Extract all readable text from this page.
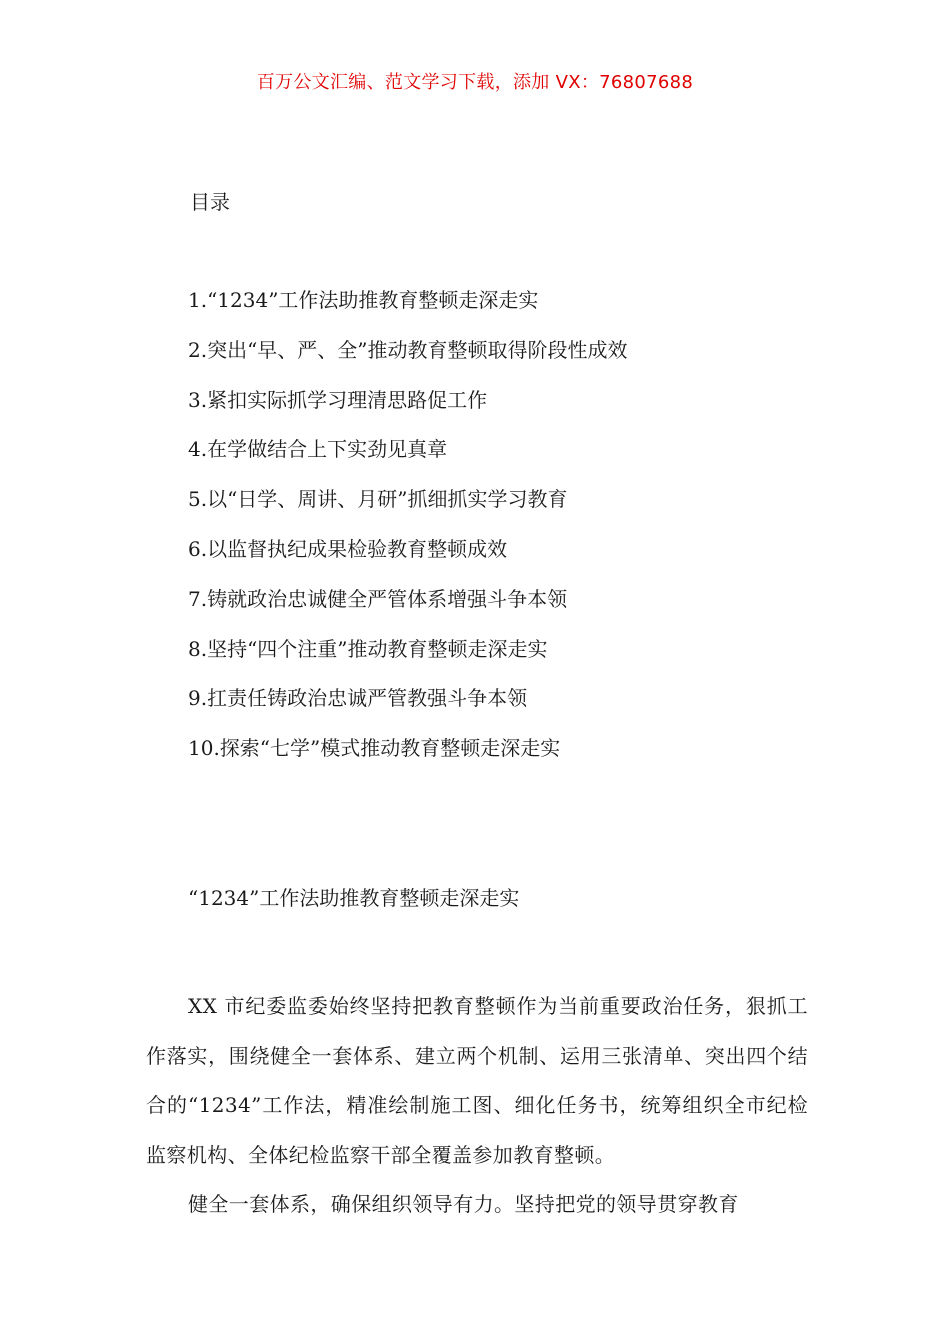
百万公文汇编、范文学习下载，添加 VX：76807688
目录
1.“1234”工作法助推教育整顿走深走实
2.突出“早、严、全”推动教育整顿取得阶段性成效
3.紧扣实际抓学习理清思路促工作
4.在学做结合上下实劲见真章
5.以“日学、周讲、月研”抓细抓实学习教育
6.以监督执纪成果检验教育整顿成效
7.铸就政治忠诚健全严管体系增强斗争本领
8.坚持“四个注重”推动教育整顿走深走实
9.扛责任铸政治忠诚严管教强斗争本领
10.探索“七学”模式推动教育整顿走深走实
“1234”工作法助推教育整顿走深走实

XX 市纪委监委始终坚持把教育整顿作为当前重要政治任务，狠抓工作落实，围绕健全一套体系、建立两个机制、运用三张清单、突出四个结合的“1234”工作法，精准绘制施工图、细化任务书，统筹组织全市纪检监察机构、全体纪检监察干部全覆盖参加教育整顿。

健全一套体系，确保组织领导有力。坚持把党的领导贯穿教育
